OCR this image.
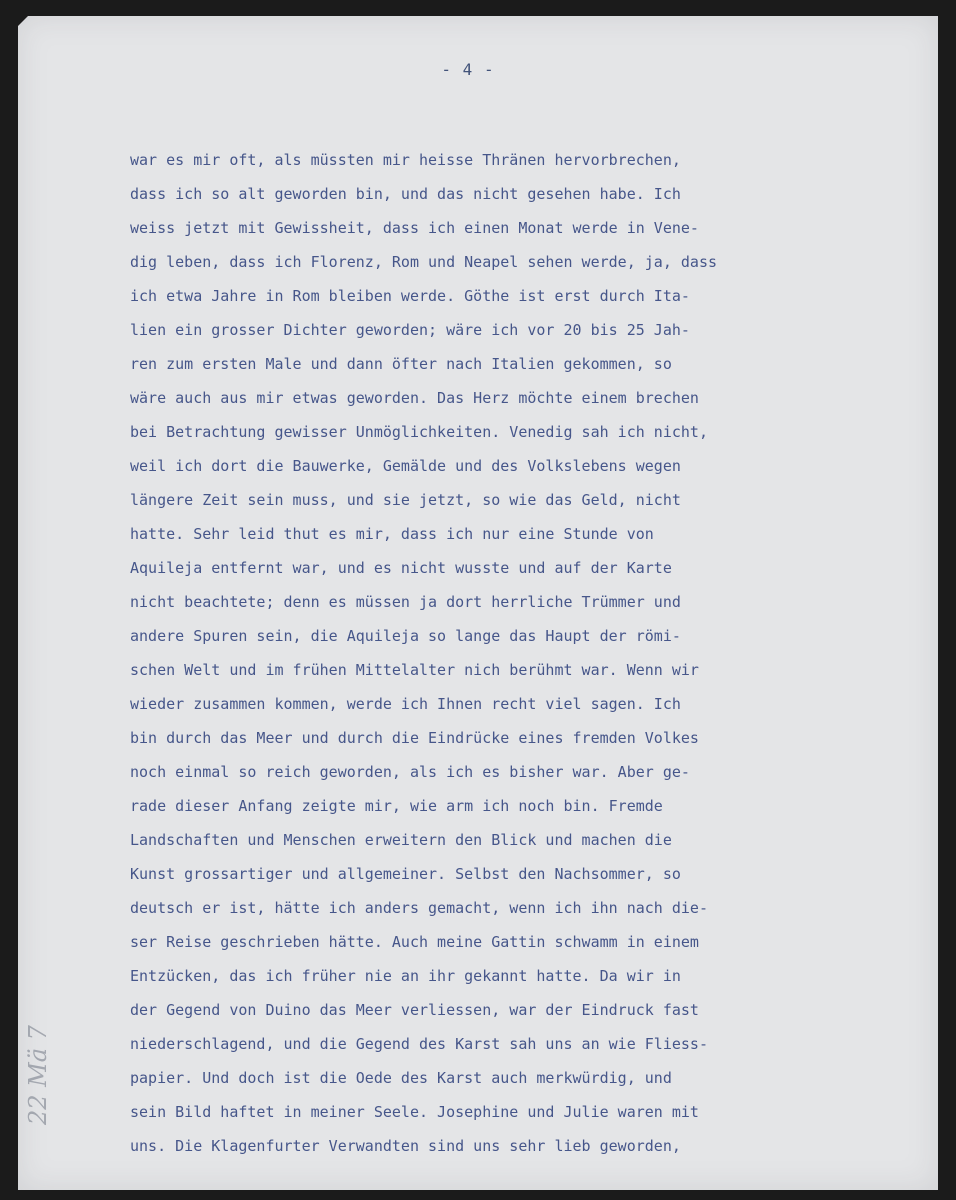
- 4 -
war es mir oft, als müssten mir heisse Thränen hervorbrechen,
dass ich so alt geworden bin, und das nicht gesehen habe. Ich
weiss jetzt mit Gewissheit, dass ich einen Monat werde in Vene-
dig leben, dass ich Florenz, Rom und Neapel sehen werde, ja, dass
ich etwa Jahre in Rom bleiben werde. Göthe ist erst durch Ita-
lien ein grosser Dichter geworden; wäre ich vor 20 bis 25 Jah-
ren zum ersten Male und dann öfter nach Italien gekommen, so
wäre auch aus mir etwas geworden. Das Herz möchte einem brechen
bei Betrachtung gewisser Unmöglichkeiten. Venedig sah ich nicht,
weil ich dort die Bauwerke, Gemälde und des Volkslebens wegen
längere Zeit sein muss, und sie jetzt, so wie das Geld, nicht
hatte. Sehr leid thut es mir, dass ich nur eine Stunde von
Aquileja entfernt war, und es nicht wusste und auf der Karte
nicht beachtete; denn es müssen ja dort herrliche Trümmer und
andere Spuren sein, die Aquileja so lange das Haupt der römi-
schen Welt und im frühen Mittelalter nich berühmt war. Wenn wir
wieder zusammen kommen, werde ich Ihnen recht viel sagen. Ich
bin durch das Meer und durch die Eindrücke eines fremden Volkes
noch einmal so reich geworden, als ich es bisher war. Aber ge-
rade dieser Anfang zeigte mir, wie arm ich noch bin. Fremde
Landschaften und Menschen erweitern den Blick und machen die
Kunst grossartiger und allgemeiner. Selbst den Nachsommer, so
deutsch er ist, hätte ich anders gemacht, wenn ich ihn nach die-
ser Reise geschrieben hätte. Auch meine Gattin schwamm in einem
Entzücken, das ich früher nie an ihr gekannt hatte. Da wir in
der Gegend von Duino das Meer verliessen, war der Eindruck fast
niederschlagend, und die Gegend des Karst sah uns an wie Fliess-
papier. Und doch ist die Oede des Karst auch merkwürdig, und
sein Bild haftet in meiner Seele. Josephine und Julie waren mit
uns. Die Klagenfurter Verwandten sind uns sehr lieb geworden,
22 Mä 7
